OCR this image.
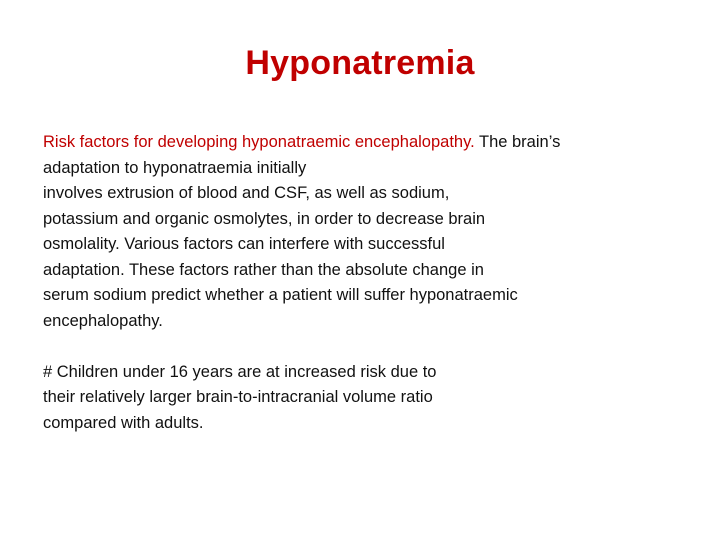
Hyponatremia
Risk factors for developing hyponatraemic encephalopathy. The brain’s
adaptation to hyponatraemia initially
involves extrusion of blood and CSF, as well as sodium,
potassium and organic osmolytes, in order to decrease brain
osmolality. Various factors can interfere with successful
adaptation. These factors rather than the absolute change in
serum sodium predict whether a patient will suffer hyponatraemic
encephalopathy.
# Children under 16 years are at increased risk due to
their relatively larger brain-to-intracranial volume ratio
compared with adults.
